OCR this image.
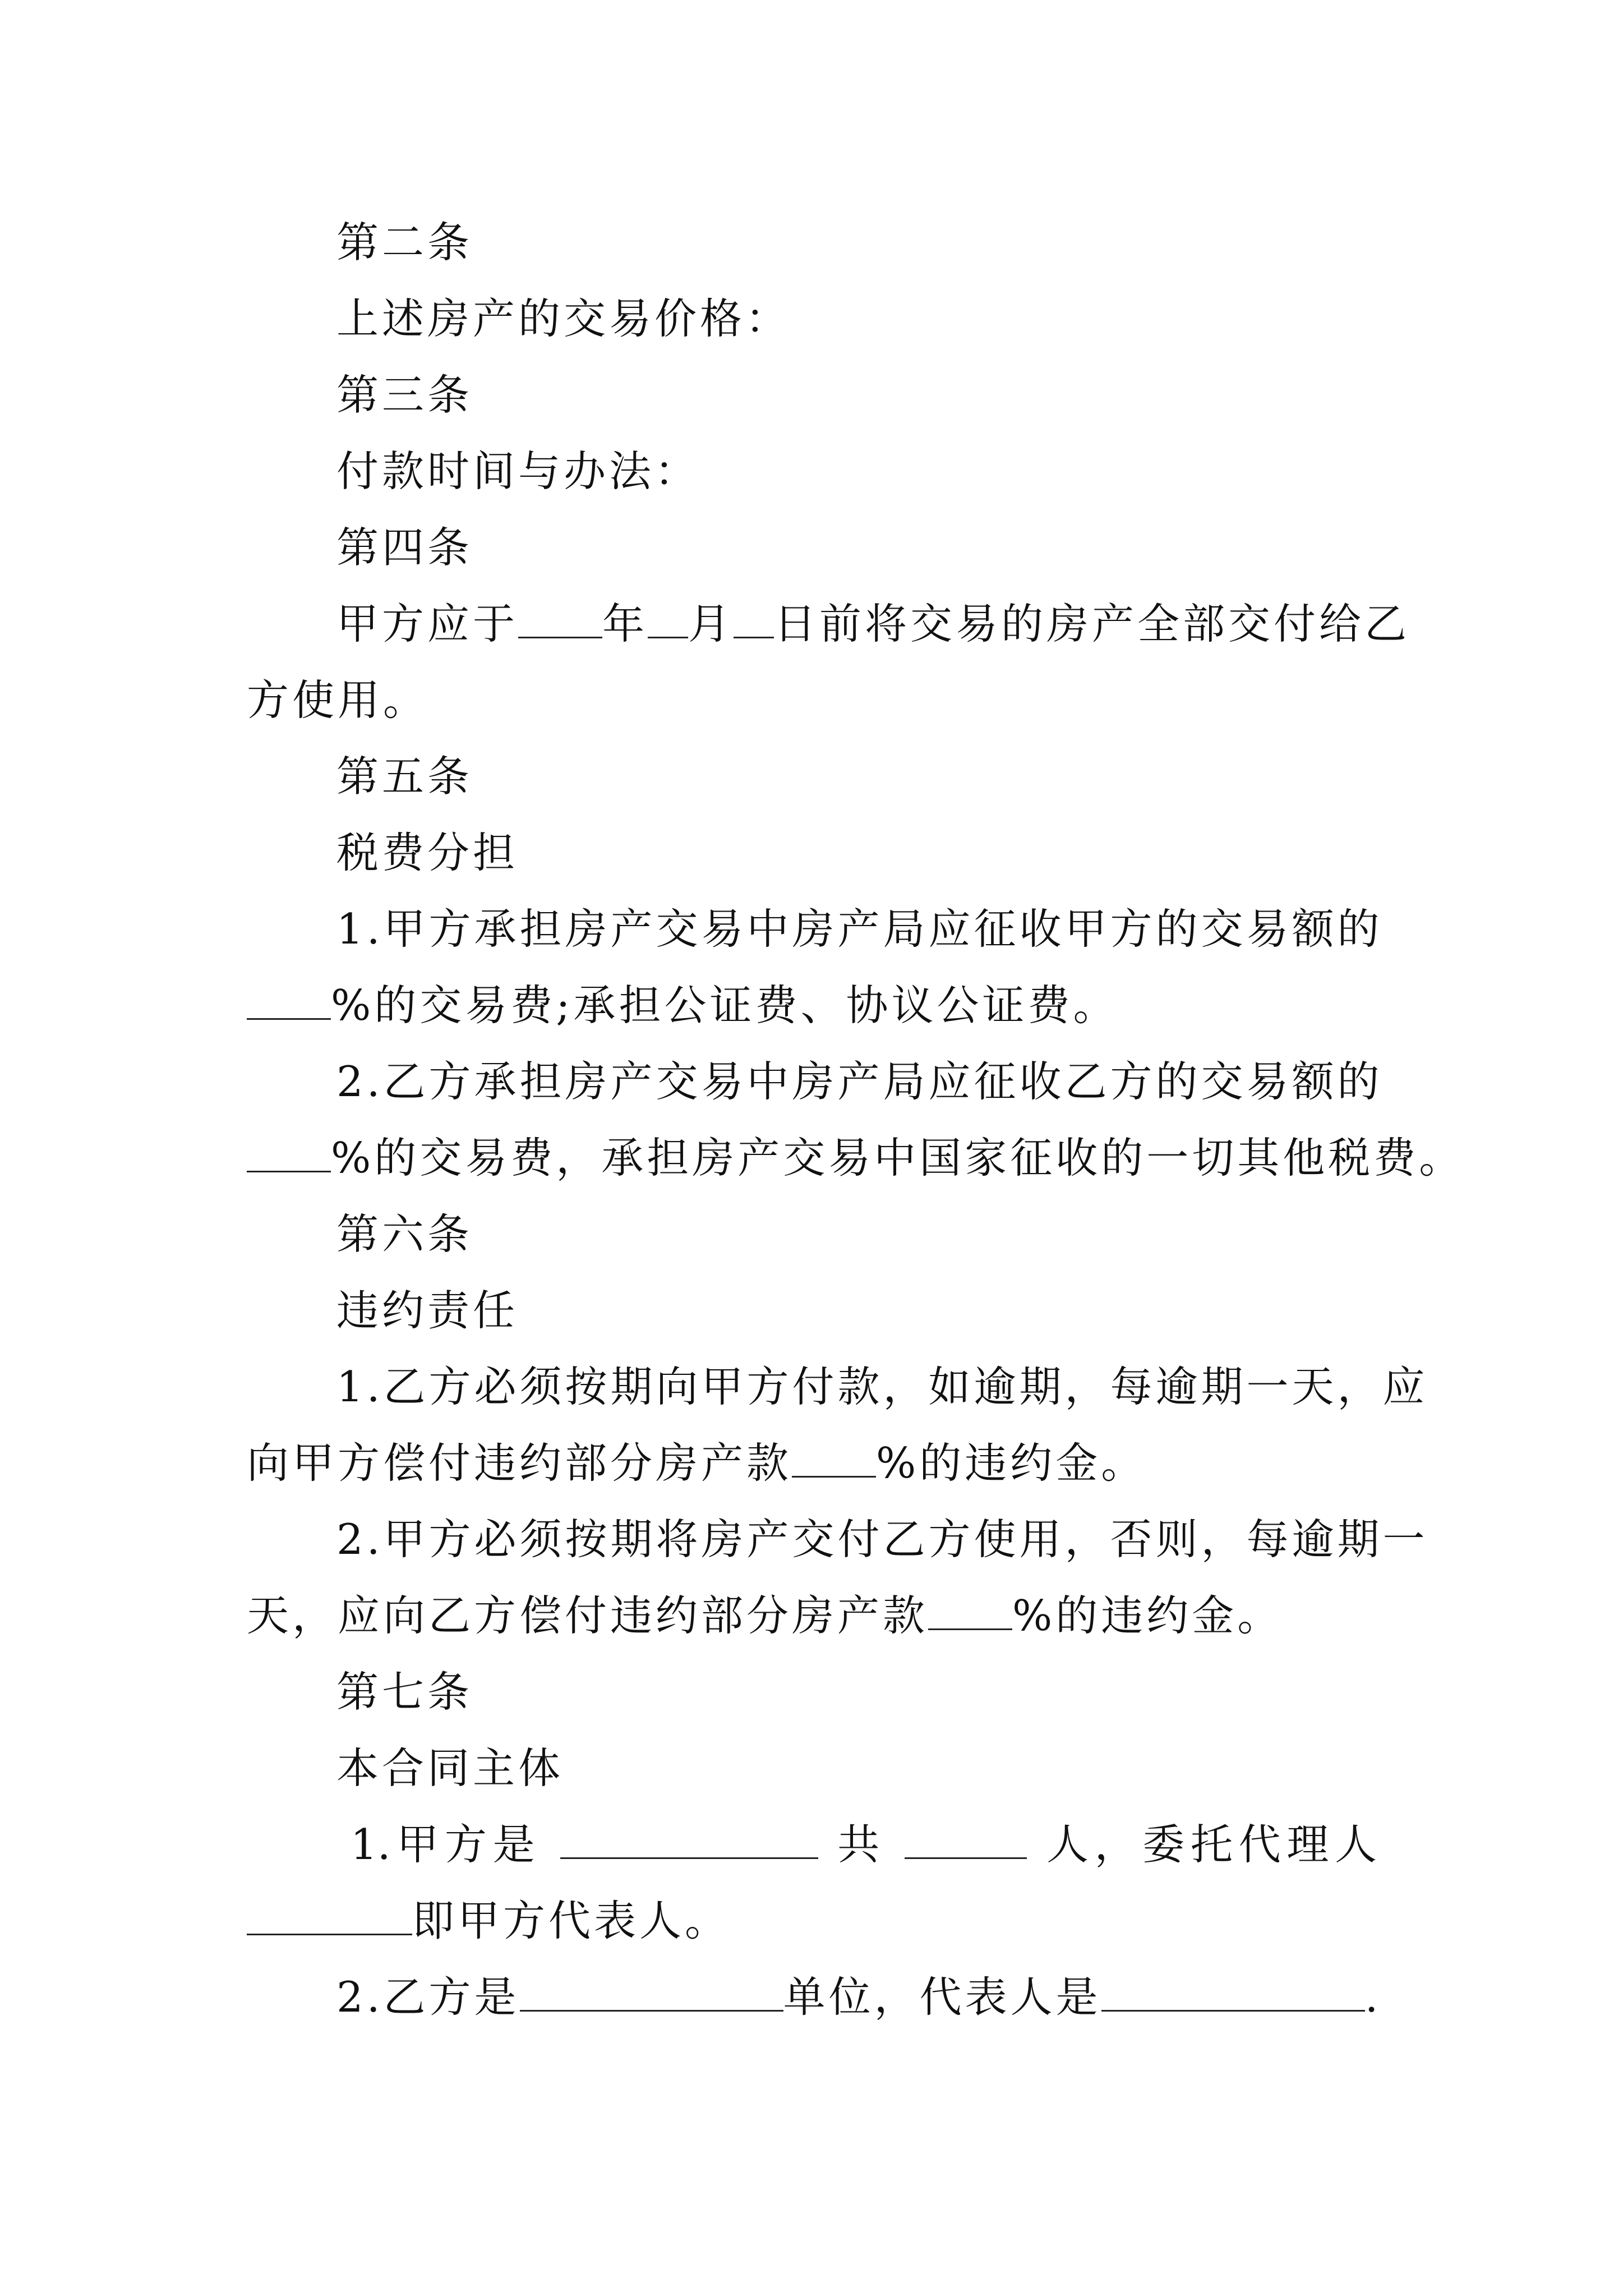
第二条
上述房产的交易价格：
第三条
付款时间与办法：
第四条
甲方应于 年 月 日前将交易的房产全部交付给乙
方使用。
第五条
税费分担
1.甲方承担房产交易中房产局应征收甲方的交易额的
%的交易费;承担公证费、协议公证费。
2.乙方承担房产交易中房产局应征收乙方的交易额的
%的交易费，承担房产交易中国家征收的一切其他税费。
第六条
违约责任
1.乙方必须按期向甲方付款，如逾期，每逾期一天，应
向甲方偿付违约部分房产款 %的违约金。
2.甲方必须按期将房产交付乙方使用，否则，每逾期一
天，应向乙方偿付违约部分房产款 %的违约金。
第七条
本合同主体
1.甲方是	共	人，委托代理人
即甲方代表人。
2.乙方是	单位，代表人是	.
